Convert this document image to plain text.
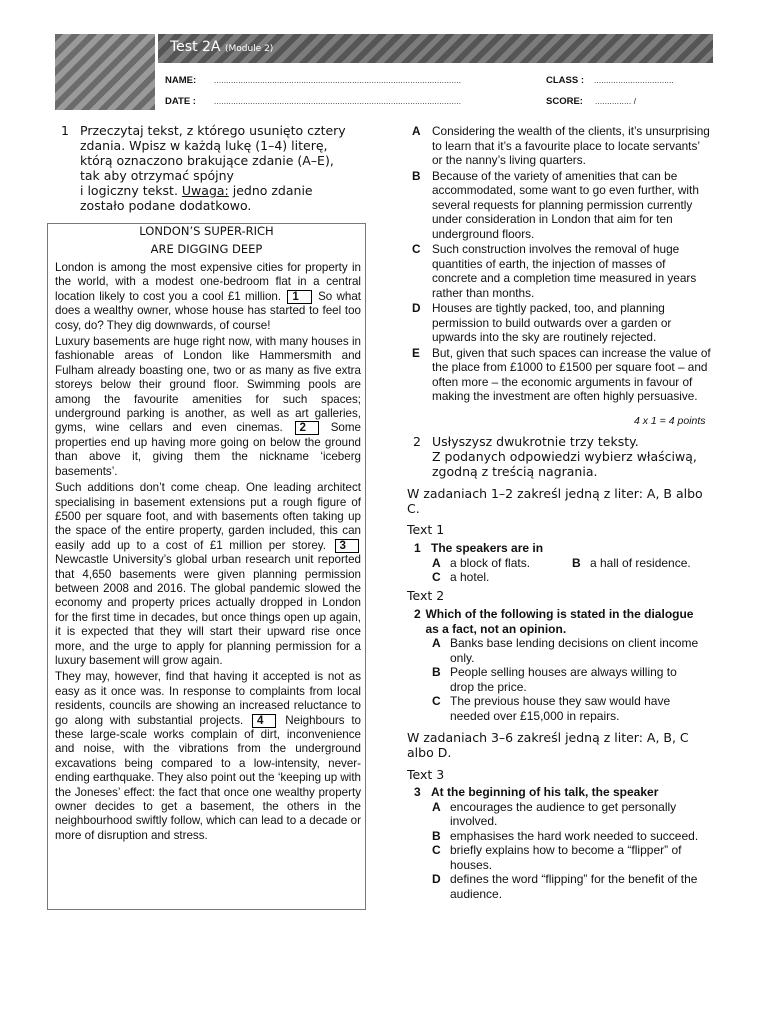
Test 2A (Module 2)
NAME: ......................................................................................................	CLASS : .................................
DATE : ......................................................................................................	SCORE: ............... /
1 Przeczytaj tekst, z którego usunięto cztery

zdania. Wpisz w każdą lukę (1–4) literę,

którą oznaczono brakujące zdanie (A–E),

tak aby otrzymać spójny

i logiczny tekst. Uwaga: jedno zdanie

zostało podane dodatkowo.

LONDON’S SUPER-RICH
ARE DIGGING DEEP

London is among the most expensive cities for property in the world, with a modest one-bedroom flat in a central location likely to cost you a cool £1 million. 1 So what does a wealthy owner, whose house has started to feel too cosy, do? They dig downwards, of course!

Luxury basements are huge right now, with many houses in fashionable areas of London like Hammersmith and Fulham already boasting one, two or as many as five extra storeys below their ground floor. Swimming pools are among the favourite amenities for such spaces; underground parking is another, as well as art galleries, gyms, wine cellars and even cinemas. 2 Some properties end up having more going on below the ground than above it, giving them the nickname ‘iceberg basements’.

Such additions don’t come cheap. One leading architect specialising in basement extensions put a rough figure of £500 per square foot, and with basements often taking up the space of the entire property, garden included, this can easily add up to a cost of £1 million per storey. 3 Newcastle University’s global urban research unit reported that 4,650 basements were given planning permission between 2008 and 2016. The global pandemic slowed the economy and property prices actually dropped in London for the first time in decades, but once things open up again, it is expected that they will start their upward rise once more, and the urge to apply for planning permission for a luxury basement will grow again.

They may, however, find that having it accepted is not as easy as it once was. In response to complaints from local residents, councils are showing an increased reluctance to go along with substantial projects. 4 Neighbours to these large-scale works complain of dirt, inconvenience and noise, with the vibrations from the underground excavations being compared to a low-intensity, never-ending earthquake. They also point out the ‘keeping up with the Joneses’ effect: the fact that once one wealthy property owner decides to get a basement, the others in the neighbourhood swiftly follow, which can lead to a decade or more of disruption and stress.

A Considering the wealth of the clients, it’s unsurprising to learn that it’s a favourite place to locate servants’ or the nanny’s living quarters.
B Because of the variety of amenities that can be accommodated, some want to go even further, with several requests for planning permission currently under consideration in London that aim for ten underground floors.
C Such construction involves the removal of huge quantities of earth, the injection of masses of concrete and a completion time measured in years rather than months.
D Houses are tightly packed, too, and planning permission to build outwards over a garden or upwards into the sky are routinely rejected.
E	But, given that such spaces can increase the value of the place from £1000 to £1500 per square foot – and often more – the economic arguments in favour of making the investment are often highly persuasive.
4 x 1 = 4 points
2 Usłyszysz dwukrotnie trzy teksty.
Z podanych odpowiedzi wybierz właściwą,
zgodną z treścią nagrania.
W zadaniach 1–2 zakreśl jedną z liter: A, B albo
C.
Text 1
1 The speakers are in
A a block of flats.	B a hall of residence.
C a hotel.
Text 2
2 Which of the following is stated in the dialogue as a fact, not an opinion.
A Banks base lending decisions on client income only.
B People selling houses are always willing to drop the price.
C The previous house they saw would have needed over £15,000 in repairs.
W zadaniach 3–6 zakreśl jedną z liter: A, B, C
albo D.
Text 3
3 At the beginning of his talk, the speaker
A encourages the audience to get personally involved.
B emphasises the hard work needed to succeed.
C briefly explains how to become a “flipper” of houses.
D defines the word “flipping” for the benefit of the audience.
